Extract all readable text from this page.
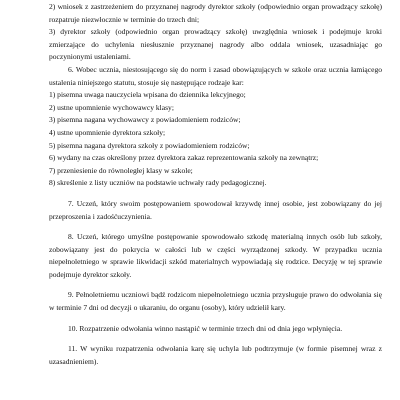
2) wniosek z zastrzeżeniem do przyznanej nagrody dyrektor szkoły (odpowiednio organ prowadzący szkołę) rozpatruje niezwłocznie w terminie do trzech dni;

3) dyrektor szkoły (odpowiednio organ prowadzący szkołę) uwzględnia wniosek i podejmuje kroki zmierzające do uchylenia niesłusznie przyznanej nagrody albo oddala wniosek, uzasadniając go poczynionymi ustaleniami.

6. Wobec ucznia, niestosującego się do norm i zasad obowiązujących w szkole oraz ucznia łamiącego ustalenia niniejszego statutu, stosuje się następujące rodzaje kar:

1) pisemna uwaga nauczyciela wpisana do dziennika lekcyjnego;

2) ustne upomnienie wychowawcy klasy;

3) pisemna nagana wychowawcy z powiadomieniem rodziców;

4) ustne upomnienie dyrektora szkoły;

5) pisemna nagana dyrektora szkoły z powiadomieniem rodziców;

6) wydany na czas określony przez dyrektora zakaz reprezentowania szkoły na zewnątrz;

7) przeniesienie do równoległej klasy w szkole;

8) skreślenie z listy uczniów na podstawie uchwały rady pedagogicznej.

7. Uczeń, który swoim postępowaniem spowodował krzywdę innej osobie, jest zobowiązany do jej przeproszenia i zadośćuczynienia.

8. Uczeń, którego umyślne postępowanie spowodowało szkodę materialną innych osób lub szkoły, zobowiązany jest do pokrycia w całości lub w części wyrządzonej szkody. W przypadku ucznia niepełnoletniego w sprawie likwidacji szkód materialnych wypowiadają się rodzice. Decyzję w tej sprawie podejmuje dyrektor szkoły.

9. Pełnoletniemu uczniowi bądź rodzicom niepełnoletniego ucznia przysługuje prawo do odwołania się w terminie 7 dni od decyzji o ukaraniu, do organu (osoby), który udzielił kary.

10. Rozpatrzenie odwołania winno nastąpić w terminie trzech dni od dnia jego wpłynięcia.

11. W wyniku rozpatrzenia odwołania karę się uchyla lub podtrzymuje (w formie pisemnej wraz z uzasadnieniem).
